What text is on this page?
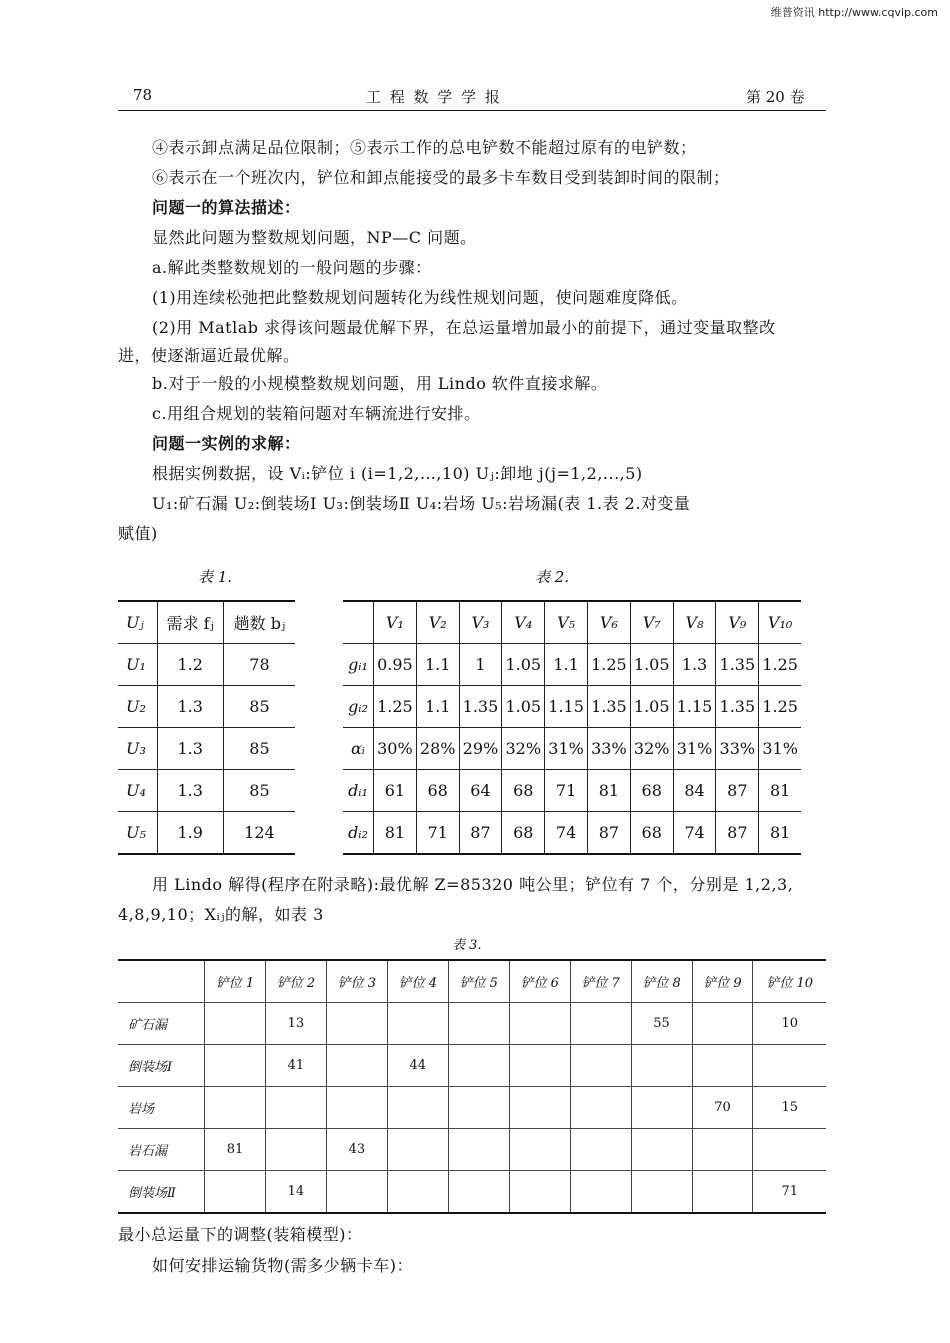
维普资讯 http://www.cqvip.com
78	工 程 数 学 学 报	第 20 卷
④表示卸点满足品位限制；⑤表示工作的总电铲数不能超过原有的电铲数；
⑥表示在一个班次内，铲位和卸点能接受的最多卡车数目受到装卸时间的限制；
问题一的算法描述：
显然此问题为整数规划问题，NP—C 问题。
a.解此类整数规划的一般问题的步骤：
(1)用连续松弛把此整数规划问题转化为线性规划问题，使问题难度降低。
(2)用 Matlab 求得该问题最优解下界，在总运量增加最小的前提下，通过变量取整改
进，使逐渐逼近最优解。
b.对于一般的小规模整数规划问题，用 Lindo 软件直接求解。
c.用组合规划的装箱问题对车辆流进行安排。
问题一实例的求解：
根据实例数据，设 Vᵢ:铲位 i (i=1,2,…,10) Uⱼ:卸地 j(j=1,2,...,5)
U₁:矿石漏 U₂:倒装场Ⅰ U₃:倒装场Ⅱ U₄:岩场 U₅:岩场漏(表 1.表 2.对变量
赋值)
表 1.	表 2.
Uⱼ	需求 fⱼ	趟数 bⱼ
U₁	1.2	78
U₂	1.3	85
U₃	1.3	85
U₄	1.3	85
U₅	1.9	124
	V₁	V₂	V₃	V₄	V₅	V₆	V₇	V₈	V₉	V₁₀
gᵢ₁	0.95	1.1	1	1.05	1.1	1.25	1.05	1.3	1.35	1.25
gᵢ₂	1.25	1.1	1.35	1.05	1.15	1.35	1.05	1.15	1.35	1.25
αᵢ	30%	28%	29%	32%	31%	33%	32%	31%	33%	31%
dᵢ₁	61	68	64	68	71	81	68	84	87	81
dᵢ₂	81	71	87	68	74	87	68	74	87	81
用 Lindo 解得(程序在附录略):最优解 Z=85320 吨公里；铲位有 7 个，分别是 1,2,3,
4,8,9,10；Xᵢⱼ的解，如表 3
表 3.
	铲位 1	铲位 2	铲位 3	铲位 4	铲位 5	铲位 6	铲位 7	铲位 8	铲位 9	铲位 10
矿石漏		13						55		10
倒装场Ⅰ		41		44						
岩场									70	15
岩石漏	81		43							
倒装场Ⅱ		14								71
最小总运量下的调整(装箱模型)：
如何安排运输货物(需多少辆卡车)：
